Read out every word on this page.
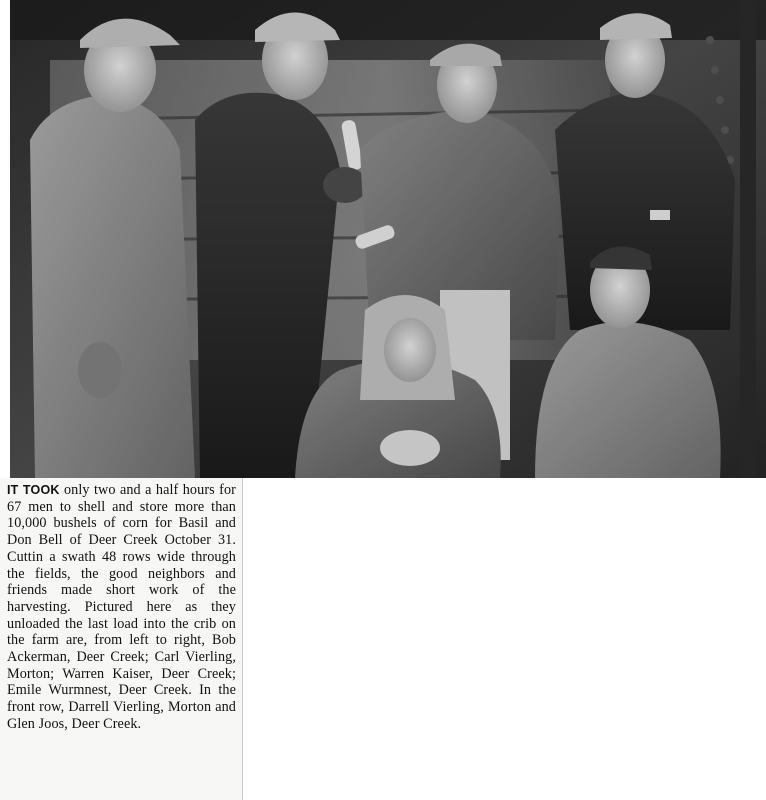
IT TOOK only two and a half hours for 67 men to shell and store more than 10,000 bushels of corn for Basil and Don Bell of Deer Creek October 31. Cuttin a swath 48 rows wide through the fields, the good neighbors and friends made short work of the harvesting. Pictured here as they unloaded the last load into the crib on the farm are, from left to right, Bob Ackerman, Deer Creek; Carl Vierling, Morton; Warren Kaiser, Deer Creek; Emile Wurmnest, Deer Creek. In the front row, Darrell Vierling, Morton and Glen Joos, Deer Creek.
